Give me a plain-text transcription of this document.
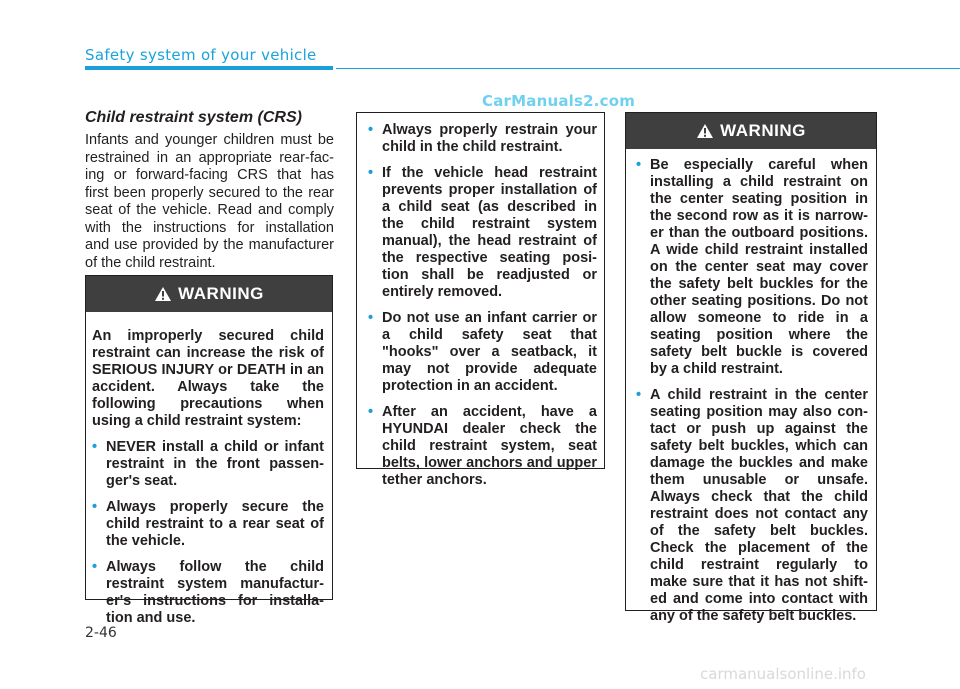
Safety system of your vehicle
CarManuals2.com
Child restraint system (CRS)
Infants and younger children must be restrained in an appropriate rear-fac-ing or forward-facing CRS that has first been properly secured to the rear seat of the vehicle. Read and comply with the instructions for installation and use provided by the manufacturer of the child restraint.
WARNING
An improperly secured child restraint can increase the risk of SERIOUS INJURY or DEATH in an accident. Always take the following precautions when using a child restraint system:
• NEVER install a child or infant restraint in the front passen-ger's seat.
• Always properly secure the child restraint to a rear seat of the vehicle.
• Always follow the child restraint system manufactur-er's instructions for installa-tion and use.
• Always properly restrain your child in the child restraint.
• If the vehicle head restraint prevents proper installation of a child seat (as described in the child restraint system manual), the head restraint of the respective seating posi-tion shall be readjusted or entirely removed.
• Do not use an infant carrier or a child safety seat that "hooks" over a seatback, it may not provide adequate protection in an accident.
• After an accident, have a HYUNDAI dealer check the child restraint system, seat belts, lower anchors and upper tether anchors.
WARNING
• Be especially careful when installing a child restraint on the center seating position in the second row as it is narrow-er than the outboard positions. A wide child restraint installed on the center seat may cover the safety belt buckles for the other seating positions. Do not allow someone to ride in a seating position where the safety belt buckle is covered by a child restraint.
• A child restraint in the center seating position may also con-tact or push up against the safety belt buckles, which can damage the buckles and make them unusable or unsafe. Always check that the child restraint does not contact any of the safety belt buckles. Check the placement of the child restraint regularly to make sure that it has not shift-ed and come into contact with any of the safety belt buckles.
2-46
carmanualsonline.info
